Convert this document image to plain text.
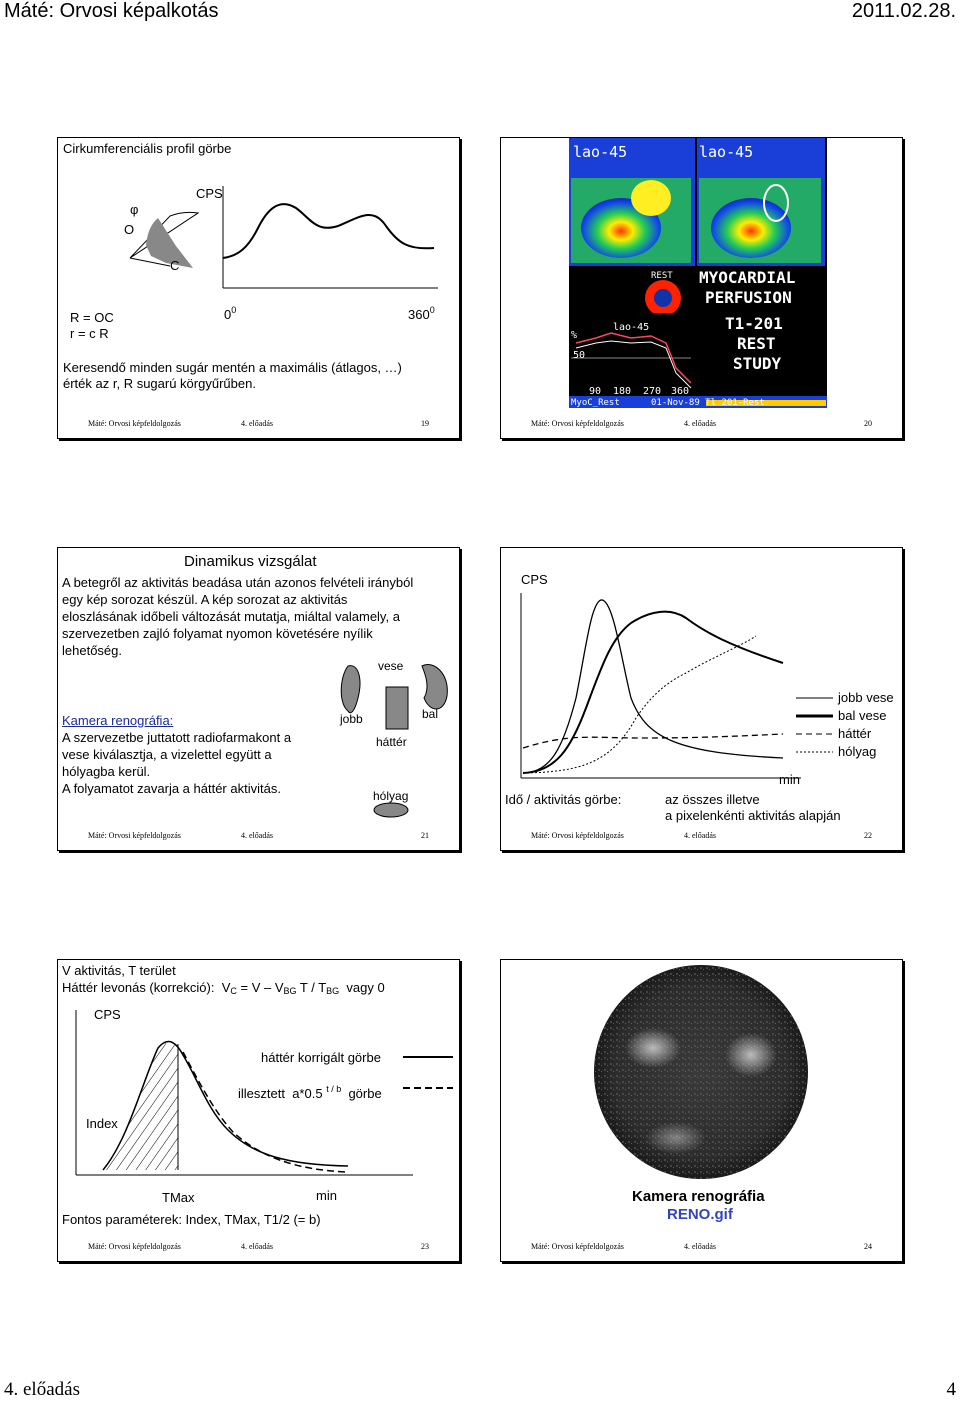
Máté: Orvosi képalkotás	2011.02.28.
Cirkumferenciális profil görbe
φ
O
C
CPS
$0^0$	$360^0$
R = OC
r = c R
Keresendő minden sugár mentén a maximális (átlagos, …)
érték az r, R sugarú körgyűrűben.
Máté: Orvosi képfeldolgozás	4. előadás	19
lao-45	lao-45
REST
lao-45
MYOCARDIAL
PERFUSION
T1-201
REST
STUDY
%
50
90 180 270 360
MyoC_Rest	01-Nov-89 Tl 201-Rest
Máté: Orvosi képfeldolgozás	4. előadás	20
Dinamikus vizsgálat
A betegről az aktivitás beadása után azonos felvételi irányból
egy kép sorozat készül. A kép sorozat az aktivitás
eloszlásának időbeli változását mutatja, miáltal valamely, a
szervezetben zajló folyamat nyomon követésére nyílik
lehetőség.
vese
jobb	bal
háttér
hólyag
Kamera renográfia:
A szervezetbe juttatott radiofarmakont a
vese kiválasztja, a vizelettel együtt a
hólyagba kerül.
A folyamatot zavarja a háttér aktivitás.
Máté: Orvosi képfeldolgozás	4. előadás	21
CPS
jobb vese
bal vese
háttér
hólyag
min
Idő / aktivitás görbe:	az összes illetve
a pixelenkénti aktivitás alapján
Máté: Orvosi képfeldolgozás	4. előadás	22
V aktivitás, T terület
Háttér levonás (korrekció): $V_C = V - V_{BG}$ T / $T_{BG}$ vagy 0
CPS
háttér korrigált görbe
illesztett a*0.5 $^{t / b}$ görbe
Index
TMax	min
Fontos paraméterek: Index, TMax, T1/2 (= b)
Máté: Orvosi képfeldolgozás	4. előadás	23
Kamera renográfia
RENO.gif
Máté: Orvosi képfeldolgozás	4. előadás	24
4. előadás	4
